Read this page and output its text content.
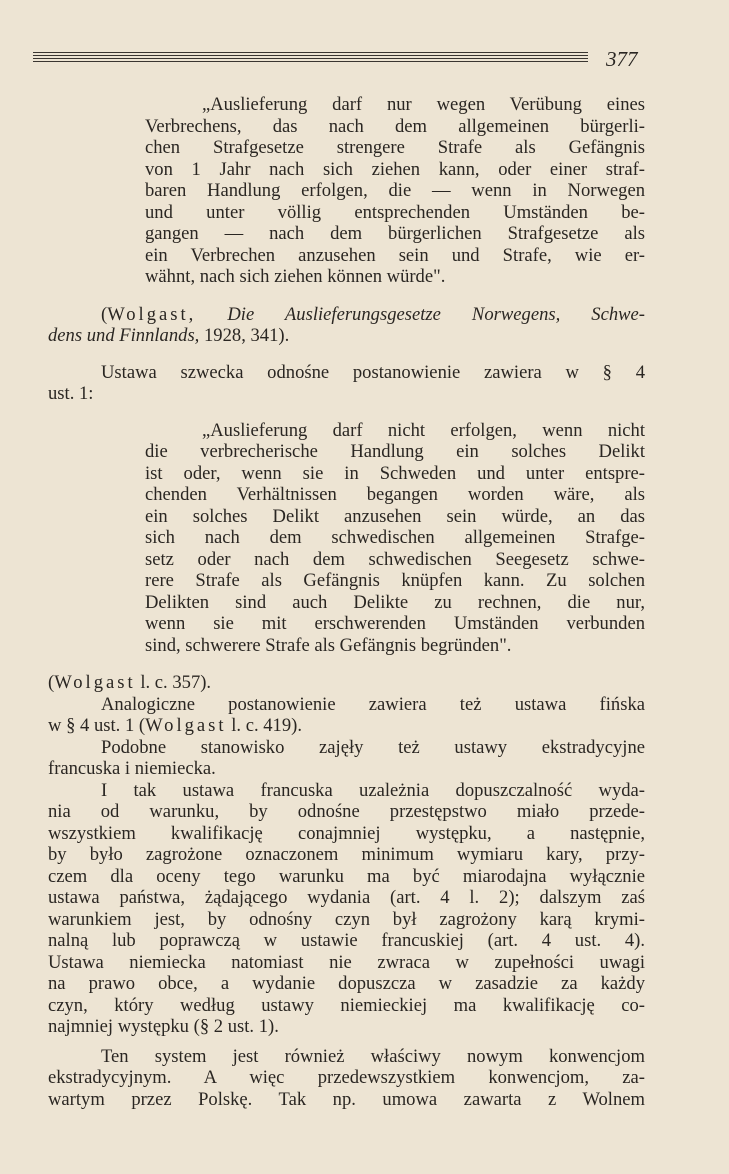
377
„Auslieferung darf nur wegen Verübung eines
Verbrechens, das nach dem allgemeinen bürgerli-
chen Strafgesetze strengere Strafe als Gefängnis
von 1 Jahr nach sich ziehen kann, oder einer straf-
baren Handlung erfolgen, die — wenn in Norwegen
und unter völlig entsprechenden Umständen be-
gangen — nach dem bürgerlichen Strafgesetze als
ein Verbrechen anzusehen sein und Strafe, wie er-
wähnt, nach sich ziehen können würde".
(Wolgast, Die Auslieferungsgesetze Norwegens, Schwe-
dens und Finnlands, 1928, 341).
Ustawa szwecka odnośne postanowienie zawiera w § 4
ust. 1:
„Auslieferung darf nicht erfolgen, wenn nicht
die verbrecherische Handlung ein solches Delikt
ist oder, wenn sie in Schweden und unter entspre-
chenden Verhältnissen begangen worden wäre, als
ein solches Delikt anzusehen sein würde, an das
sich nach dem schwedischen allgemeinen Strafge-
setz oder nach dem schwedischen Seegesetz schwe-
rere Strafe als Gefängnis knüpfen kann. Zu solchen
Delikten sind auch Delikte zu rechnen, die nur,
wenn sie mit erschwerenden Umständen verbunden
sind, schwerere Strafe als Gefängnis begründen".
(Wolgast l. c. 357).
Analogiczne postanowienie zawiera też ustawa fińska
w § 4 ust. 1 (Wolgast l. c. 419).
Podobne stanowisko zajęły też ustawy ekstradycyjne
francuska i niemiecka.
I tak ustawa francuska uzależnia dopuszczalność wyda-
nia od warunku, by odnośne przestępstwo miało przede-
wszystkiem kwalifikację conajmniej występku, a następnie,
by było zagrożone oznaczonem minimum wymiaru kary, przy-
czem dla oceny tego warunku ma być miarodajna wyłącznie
ustawa państwa, żądającego wydania (art. 4 l. 2); dalszym zaś
warunkiem jest, by odnośny czyn był zagrożony karą krymi-
nalną lub poprawczą w ustawie francuskiej (art. 4 ust. 4).
Ustawa niemiecka natomiast nie zwraca w zupełności uwagi
na prawo obce, a wydanie dopuszcza w zasadzie za każdy
czyn, który według ustawy niemieckiej ma kwalifikację co-
najmniej występku (§ 2 ust. 1).
Ten system jest również właściwy nowym konwencjom
ekstradycyjnym. A więc przedewszystkiem konwencjom, za-
wartym przez Polskę. Tak np. umowa zawarta z Wolnem
